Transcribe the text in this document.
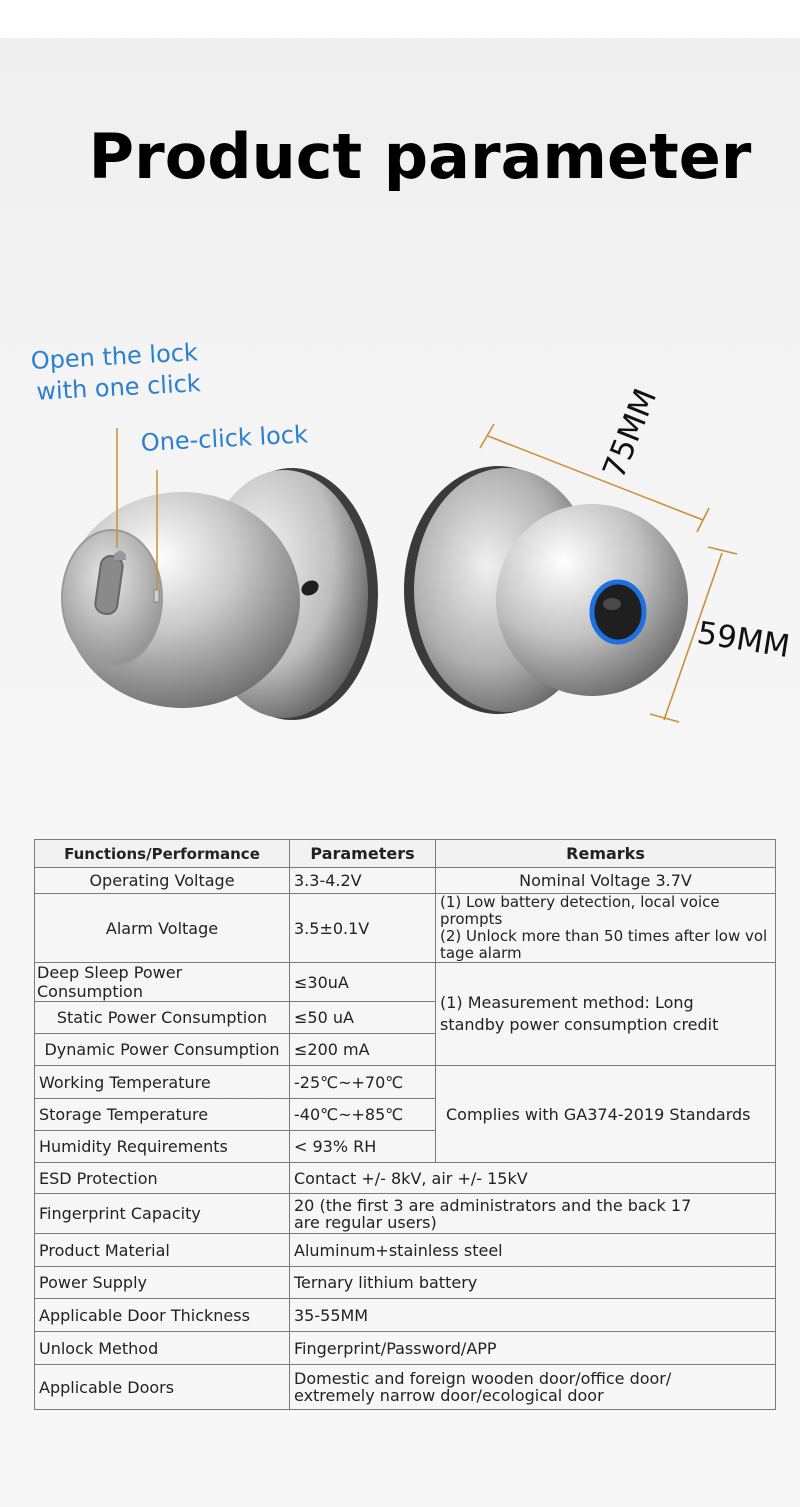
Product parameter
Open the lock
with one click
One-click lock	75MM
59MM
Functions/Performance	Parameters	Remarks
Operating Voltage	3.3-4.2V	Nominal Voltage 3.7V
Alarm Voltage	3.5±0.1V	(1) Low battery detection, local voice prompts
(2) Unlock more than 50 times after low vol
tage alarm

Deep Sleep Power Consumption	≤30uA	(1) Measurement method: Long
standby power consumption credit

Static Power Consumption	≤50 uA	
Dynamic Power Consumption	≤200 mA	
Working Temperature	-25℃~+70℃	Complies with GA374-2019 Standards
Storage Temperature	-40℃~+85℃	
Humidity Requirements	< 93% RH	
ESD Protection	Contact +/- 8kV, air +/- 15kV	
Fingerprint Capacity	20 (the first 3 are administrators and the back 17
are regular users)	

Product Material	Aluminum+stainless steel	
Power Supply	Ternary lithium battery	
Applicable Door Thickness	35-55MM	
Unlock Method	Fingerprint/Password/APP	
Applicable Doors	Domestic and foreign wooden door/office door/
extremely narrow door/ecological door	
